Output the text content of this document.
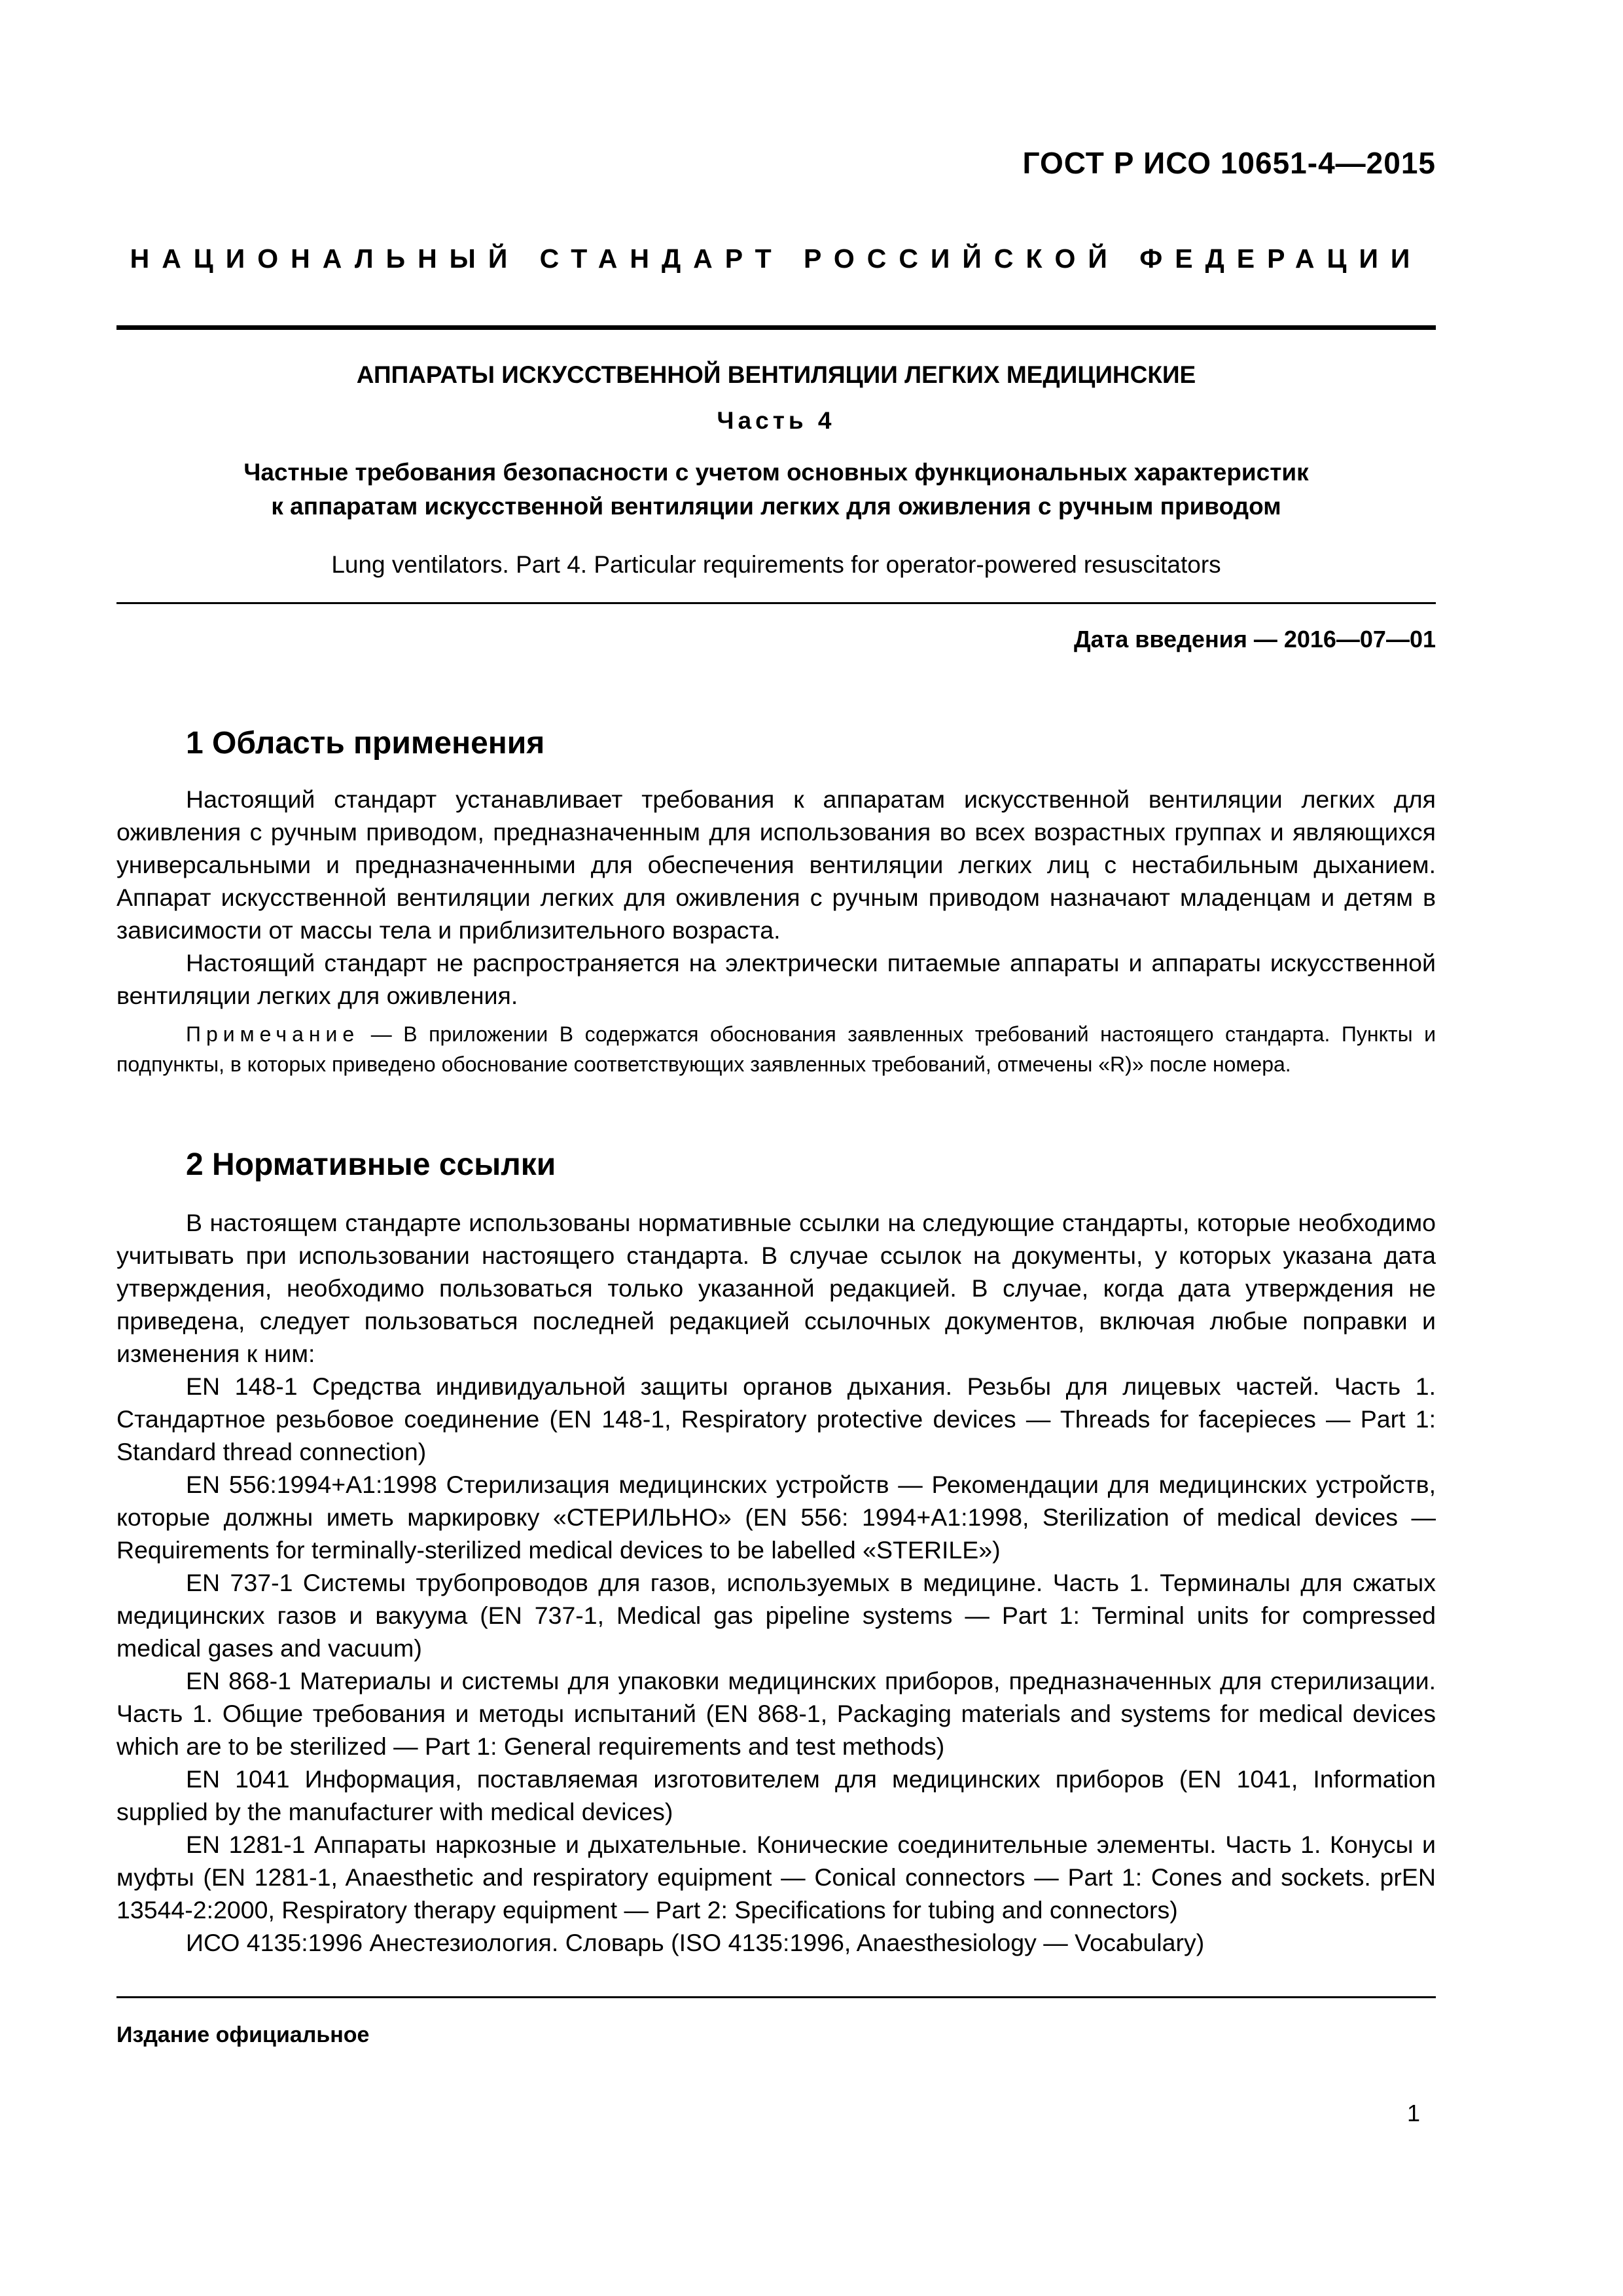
ГОСТ Р ИСО 10651-4—2015
НАЦИОНАЛЬНЫЙ СТАНДАРТ РОССИЙСКОЙ ФЕДЕРАЦИИ
АППАРАТЫ ИСКУССТВЕННОЙ ВЕНТИЛЯЦИИ ЛЕГКИХ МЕДИЦИНСКИЕ
Часть 4
Частные требования безопасности с учетом основных функциональных характеристик
к аппаратам искусственной вентиляции легких для оживления с ручным приводом
Lung ventilators. Part 4. Particular requirements for operator-powered resuscitators
Дата введения — 2016—07—01
1 Область применения

Настоящий стандарт устанавливает требования к аппаратам искусственной вентиляции легких для оживления с ручным приводом, предназначенным для использования во всех возрастных группах и являющихся универсальными и предназначенными для обеспечения вентиляции легких лиц с нестабильным дыханием. Аппарат искусственной вентиляции легких для оживления с ручным приводом назначают младенцам и детям в зависимости от массы тела и приблизительного возраста.

Настоящий стандарт не распространяется на электрически питаемые аппараты и аппараты искусственной вентиляции легких для оживления.

Примечание — В приложении В содержатся обоснования заявленных требований настоящего стандарта. Пункты и подпункты, в которых приведено обоснование соответствующих заявленных требований, отмечены «R)» после номера.
2 Нормативные ссылки

В настоящем стандарте использованы нормативные ссылки на следующие стандарты, которые необходимо учитывать при использовании настоящего стандарта. В случае ссылок на документы, у которых указана дата утверждения, необходимо пользоваться только указанной редакцией. В случае, когда дата утверждения не приведена, следует пользоваться последней редакцией ссылочных документов, включая любые поправки и изменения к ним:

EN 148-1 Средства индивидуальной защиты органов дыхания. Резьбы для лицевых частей. Часть 1. Стандартное резьбовое соединение (EN 148-1, Respiratory protective devices — Threads for facepieces — Part 1: Standard thread connection)

EN 556:1994+A1:1998 Стерилизация медицинских устройств — Рекомендации для медицинских устройств, которые должны иметь маркировку «СТЕРИЛЬНО» (EN 556: 1994+A1:1998, Sterilization of medical devices — Requirements for terminally-sterilized medical devices to be labelled «STERILE»)

EN 737-1 Системы трубопроводов для газов, используемых в медицине. Часть 1. Терминалы для сжатых медицинских газов и вакуума (EN 737-1, Medical gas pipeline systems — Part 1: Terminal units for compressed medical gases and vacuum)

EN 868-1 Материалы и системы для упаковки медицинских приборов, предназначенных для стерилизации. Часть 1. Общие требования и методы испытаний (EN 868-1, Packaging materials and systems for medical devices which are to be sterilized — Part 1: General requirements and test methods)

EN 1041 Информация, поставляемая изготовителем для медицинских приборов (EN 1041, Information supplied by the manufacturer with medical devices)

EN 1281-1 Аппараты наркозные и дыхательные. Конические соединительные элементы. Часть 1. Конусы и муфты (EN 1281-1, Anaesthetic and respiratory equipment — Conical connectors — Part 1: Cones and sockets. prEN 13544-2:2000, Respiratory therapy equipment — Part 2: Specifications for tubing and connectors)

ИСО 4135:1996 Анестезиология. Словарь (ISO 4135:1996, Anaesthesiology — Vocabulary)

Издание официальное
1
